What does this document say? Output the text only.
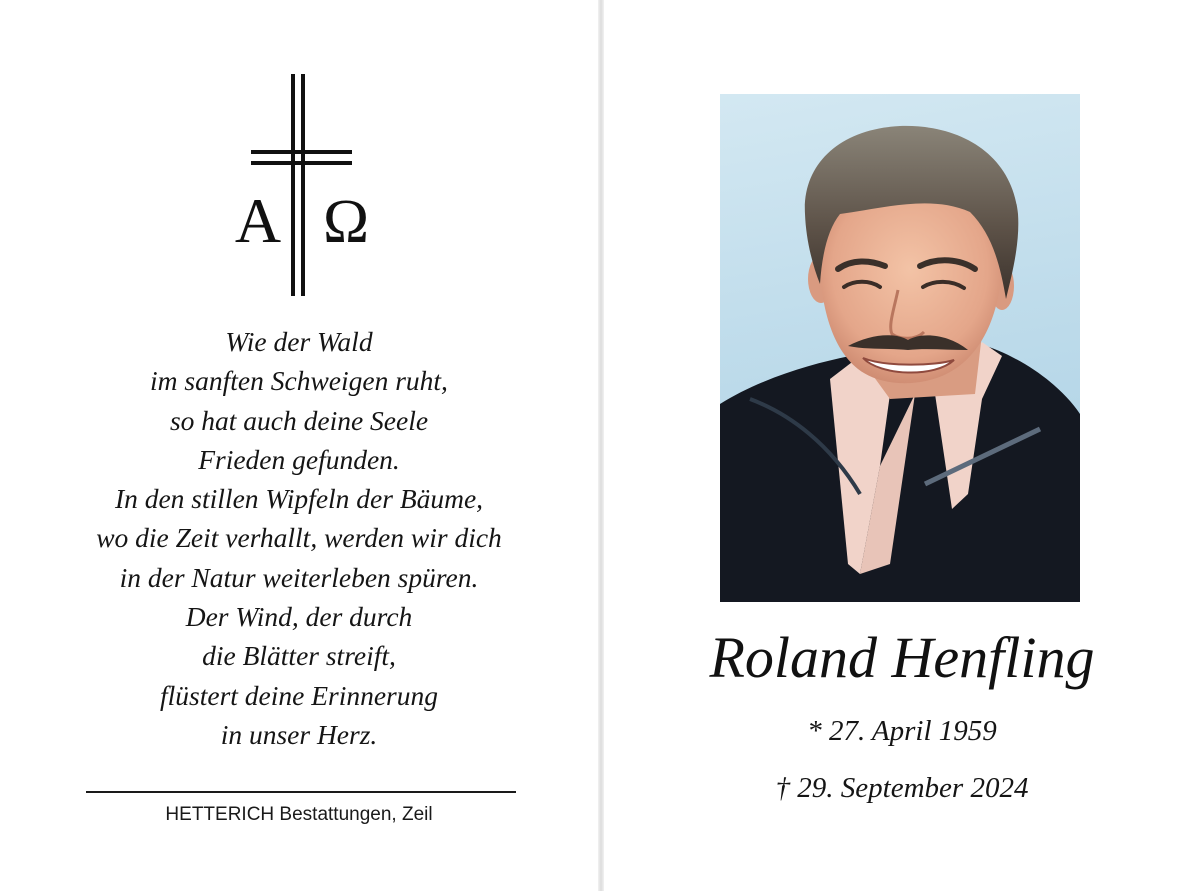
A Ω
Wie der Wald
im sanften Schweigen ruht,
so hat auch deine Seele
Frieden gefunden.
In den stillen Wipfeln der Bäume,
wo die Zeit verhallt, werden wir dich
in der Natur weiterleben spüren.
Der Wind, der durch
die Blätter streift,
flüstert deine Erinnerung
in unser Herz.
HETTERICH Bestattungen, Zeil
Roland Henfling
* 27. April 1959
† 29. September 2024
